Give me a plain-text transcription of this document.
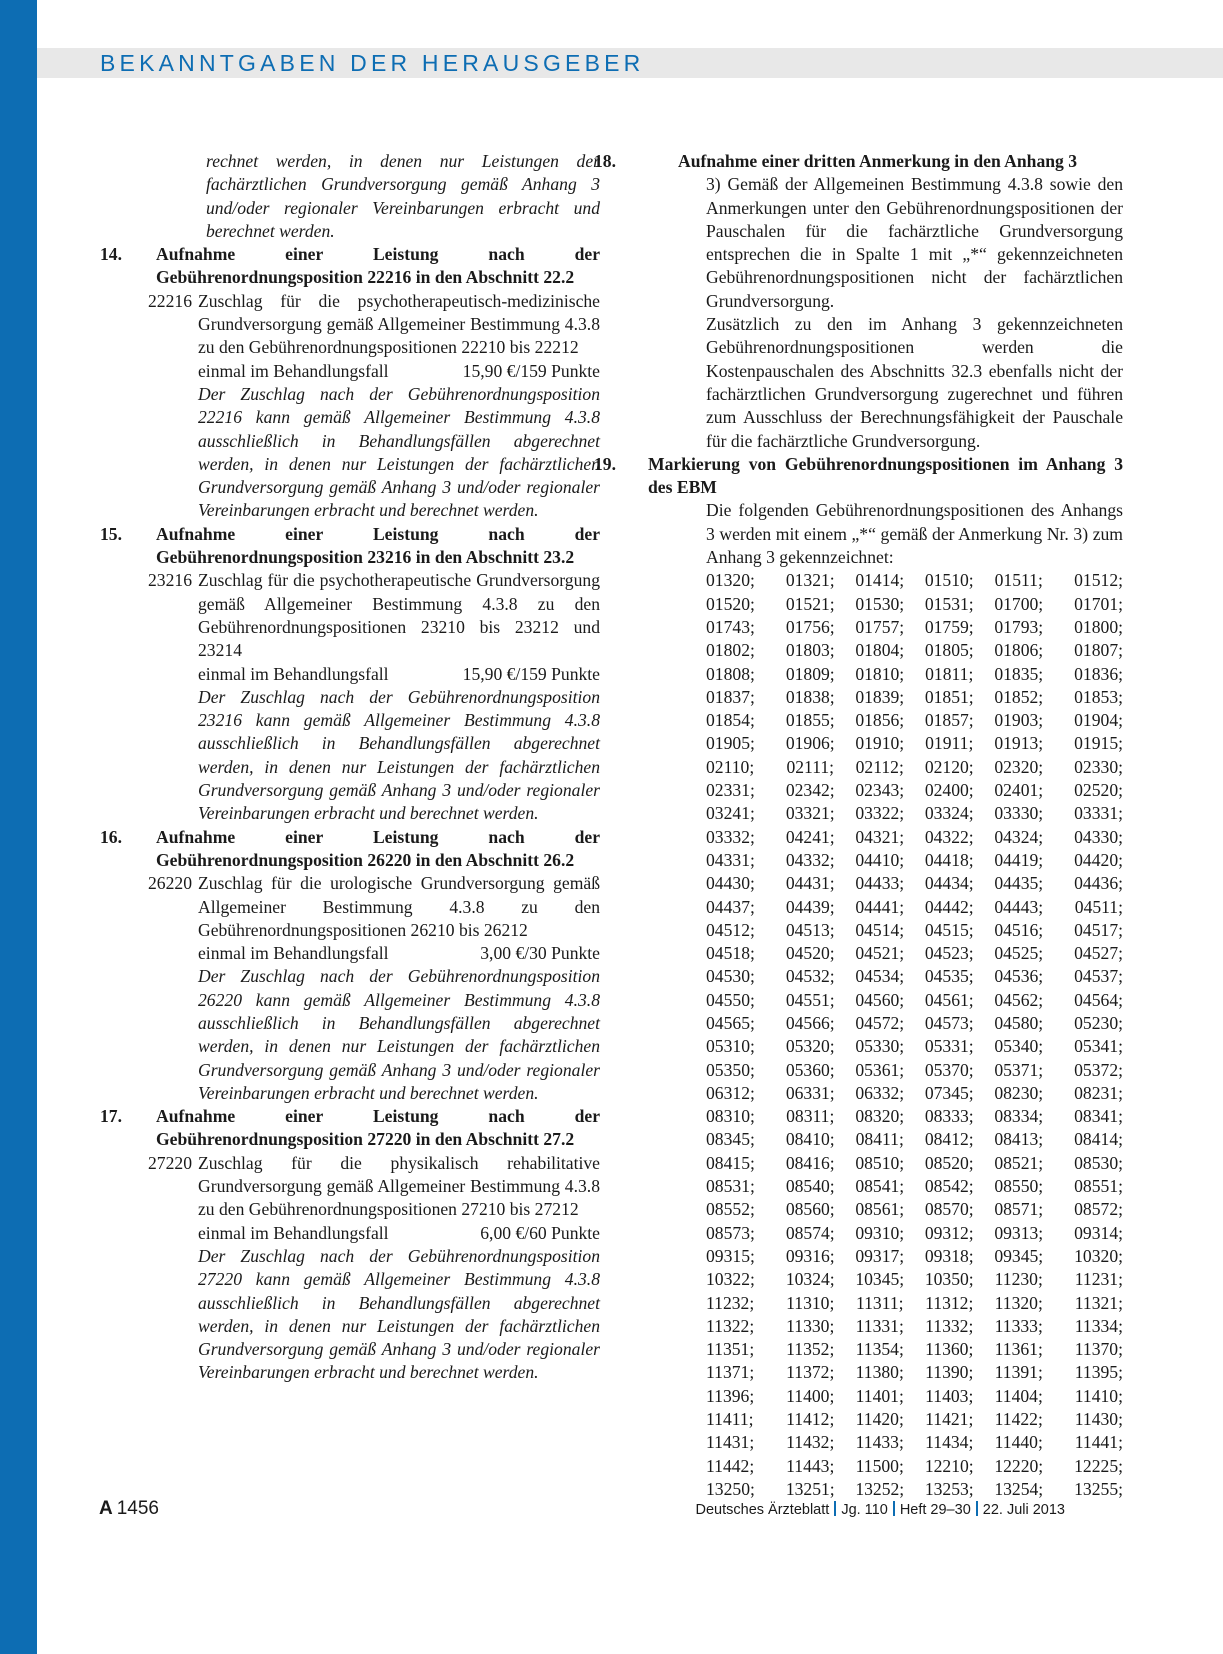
BEKANNTGABEN DER HERAUSGEBER

rechnet werden, in denen nur Leistungen der fachärztlichen Grundversorgung gemäß Anhang 3 und/oder regionaler Vereinbarungen erbracht und berechnet werden.

14.	Aufnahme einer Leistung nach der Gebührenordnungsposition 22216 in den Abschnitt 22.2
22216 Zuschlag für die psychotherapeutisch-medizinische Grundversorgung gemäß Allgemeiner Bestimmung 4.3.8 zu den Gebührenordnungspositionen 22210 bis 22212

einmal im Behandlungsfall	15,90 €/159 Punkte

Der Zuschlag nach der Gebührenordnungsposition 22216 kann gemäß Allgemeiner Bestimmung 4.3.8 ausschließlich in Behandlungsfällen abgerechnet werden, in denen nur Leistungen der fachärztlichen Grundversorgung gemäß Anhang 3 und/oder regionaler Vereinbarungen erbracht und berechnet werden.

15.	Aufnahme einer Leistung nach der Gebührenordnungsposition 23216 in den Abschnitt 23.2
23216 Zuschlag für die psychotherapeutische Grundversorgung gemäß Allgemeiner Bestimmung 4.3.8 zu den Gebührenordnungspositionen 23210 bis 23212 und 23214

einmal im Behandlungsfall	15,90 €/159 Punkte

Der Zuschlag nach der Gebührenordnungsposition 23216 kann gemäß Allgemeiner Bestimmung 4.3.8 ausschließlich in Behandlungsfällen abgerechnet werden, in denen nur Leistungen der fachärztlichen Grundversorgung gemäß Anhang 3 und/oder regionaler Vereinbarungen erbracht und berechnet werden.

16.	Aufnahme einer Leistung nach der Gebührenordnungsposition 26220 in den Abschnitt 26.2
26220 Zuschlag für die urologische Grundversorgung gemäß Allgemeiner Bestimmung 4.3.8 zu den Gebührenordnungspositionen 26210 bis 26212

einmal im Behandlungsfall	3,00 €/30 Punkte

Der Zuschlag nach der Gebührenordnungsposition 26220 kann gemäß Allgemeiner Bestimmung 4.3.8 ausschließlich in Behandlungsfällen abgerechnet werden, in denen nur Leistungen der fachärztlichen Grundversorgung gemäß Anhang 3 und/oder regionaler Vereinbarungen erbracht und berechnet werden.

17.	Aufnahme einer Leistung nach der Gebührenordnungsposition 27220 in den Abschnitt 27.2
27220 Zuschlag für die physikalisch rehabilitative Grundversorgung gemäß Allgemeiner Bestimmung 4.3.8 zu den Gebührenordnungspositionen 27210 bis 27212

einmal im Behandlungsfall	6,00 €/60 Punkte

Der Zuschlag nach der Gebührenordnungsposition 27220 kann gemäß Allgemeiner Bestimmung 4.3.8 ausschließlich in Behandlungsfällen abgerechnet werden, in denen nur Leistungen der fachärztlichen Grundversorgung gemäß Anhang 3 und/oder regionaler Vereinbarungen erbracht und berechnet werden.

18.	Aufnahme einer dritten Anmerkung in den Anhang 3

3) Gemäß der Allgemeinen Bestimmung 4.3.8 sowie den Anmerkungen unter den Gebührenordnungspositionen der Pauschalen für die fachärztliche Grundversorgung entsprechen die in Spalte 1 mit „*“ gekennzeichneten Gebührenordnungspositionen nicht der fachärztlichen Grundversorgung.

Zusätzlich zu den im Anhang 3 gekennzeichneten Gebührenordnungspositionen werden die Kostenpauschalen des Abschnitts 32.3 ebenfalls nicht der fachärztlichen Grundversorgung zugerechnet und führen zum Ausschluss der Berechnungsfähigkeit der Pauschale für die fachärztliche Grundversorgung.

19.	Markierung von Gebührenordnungspositionen im Anhang 3 des EBM

Die folgenden Gebührenordnungspositionen des Anhangs 3 werden mit einem „*“ gemäß der Anmerkung Nr. 3) zum Anhang 3 gekennzeichnet:

01320;	01321;	01414;	01510;	01511;	01512;
01520;	01521;	01530;	01531;	01700;	01701;
01743;	01756;	01757;	01759;	01793;	01800;
01802;	01803;	01804;	01805;	01806;	01807;
01808;	01809;	01810;	01811;	01835;	01836;
01837;	01838;	01839;	01851;	01852;	01853;
01854;	01855;	01856;	01857;	01903;	01904;
01905;	01906;	01910;	01911;	01913;	01915;
02110;	02111;	02112;	02120;	02320;	02330;
02331;	02342;	02343;	02400;	02401;	02520;
03241;	03321;	03322;	03324;	03330;	03331;
03332;	04241;	04321;	04322;	04324;	04330;
04331;	04332;	04410;	04418;	04419;	04420;
04430;	04431;	04433;	04434;	04435;	04436;
04437;	04439;	04441;	04442;	04443;	04511;
04512;	04513;	04514;	04515;	04516;	04517;
04518;	04520;	04521;	04523;	04525;	04527;
04530;	04532;	04534;	04535;	04536;	04537;
04550;	04551;	04560;	04561;	04562;	04564;
04565;	04566;	04572;	04573;	04580;	05230;
05310;	05320;	05330;	05331;	05340;	05341;
05350;	05360;	05361;	05370;	05371;	05372;
06312;	06331;	06332;	07345;	08230;	08231;
08310;	08311;	08320;	08333;	08334;	08341;
08345;	08410;	08411;	08412;	08413;	08414;
08415;	08416;	08510;	08520;	08521;	08530;
08531;	08540;	08541;	08542;	08550;	08551;
08552;	08560;	08561;	08570;	08571;	08572;
08573;	08574;	09310;	09312;	09313;	09314;
09315;	09316;	09317;	09318;	09345;	10320;
10322;	10324;	10345;	10350;	11230;	11231;
11232;	11310;	11311;	11312;	11320;	11321;
11322;	11330;	11331;	11332;	11333;	11334;
11351;	11352;	11354;	11360;	11361;	11370;
11371;	11372;	11380;	11390;	11391;	11395;
11396;	11400;	11401;	11403;	11404;	11410;
11411;	11412;	11420;	11421;	11422;	11430;
11431;	11432;	11433;	11434;	11440;	11441;
11442;	11443;	11500;	12210;	12220;	12225;
13250;	13251;	13252;	13253;	13254;	13255;
A 1456	Deutsches Ärzteblatt Jg. 110 Heft 29–30 22. Juli 2013
